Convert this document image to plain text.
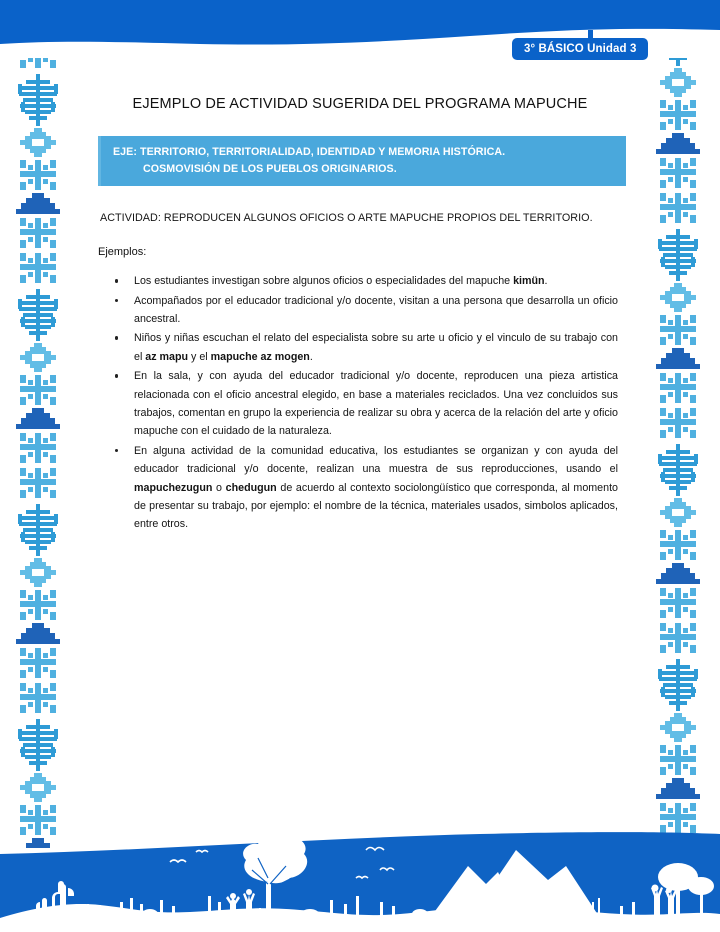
3° BÁSICO Unidad 3
EJEMPLO DE ACTIVIDAD SUGERIDA DEL PROGRAMA MAPUCHE
EJE: TERRITORIO, TERRITORIALIDAD, IDENTIDAD Y MEMORIA HISTÓRICA.
COSMOVISIÓN DE LOS PUEBLOS ORIGINARIOS.

ACTIVIDAD: REPRODUCEN ALGUNOS OFICIOS O ARTE MAPUCHE PROPIOS DEL TERRITORIO.

Ejemplos:

Los estudiantes investigan sobre algunos oficios o especialidades del mapuche kimün.
Acompañados por el educador tradicional y/o docente, visitan a una persona que desarrolla un oficio ancestral.
Niños y niñas escuchan el relato del especialista sobre su arte u oficio y el vinculo de su trabajo con el az mapu y el mapuche az mogen.
En la sala, y con ayuda del educador tradicional y/o docente, reproducen una pieza artistica relacionada con el oficio ancestral elegido, en base a materiales reciclados. Una vez concluidos sus trabajos, comentan en grupo la experiencia de realizar su obra y acerca de la relación del arte y oficio mapuche con el cuidado de la naturaleza.
En alguna actividad de la comunidad educativa, los estudiantes se organizan y con ayuda del educador tradicional y/o docente, realizan una muestra de sus reproducciones, usando el mapuchezugun o chedugun de acuerdo al contexto sociolongüístico que corresponda, al momento de presentar su trabajo, por ejemplo: el nombre de la técnica, materiales usados, simbolos aplicados, entre otros.
